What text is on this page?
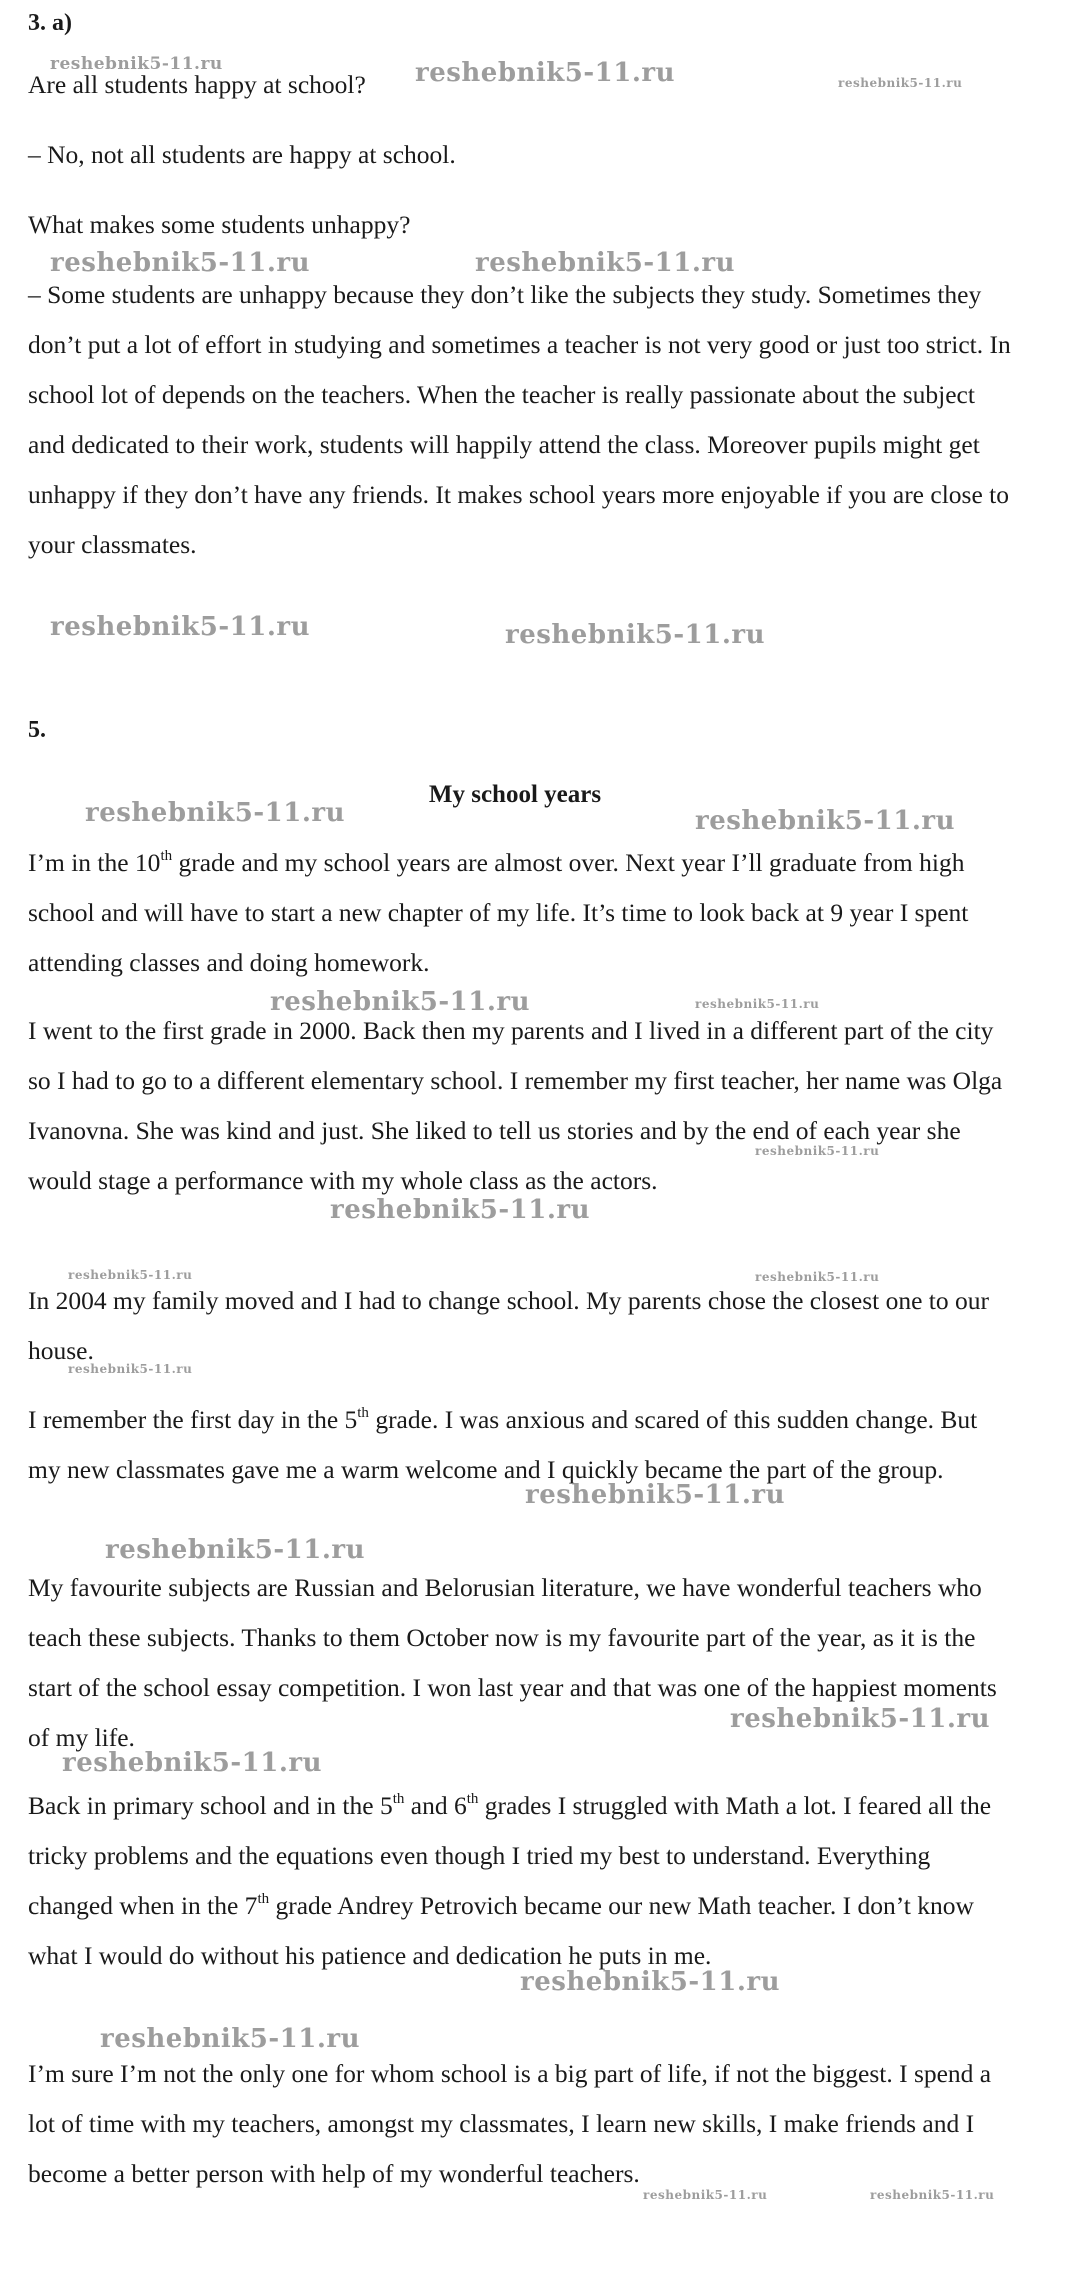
3. а)

Are all students happy at school?

– No, not all students are happy at school.

What makes some students unhappy?

– Some students are unhappy because they don’t like the subjects they study. Sometimes they don’t put a lot of effort in studying and sometimes a teacher is not very good or just too strict. In school lot of depends on the teachers. When the teacher is really passionate about the subject and dedicated to their work, students will happily attend the class. Moreover pupils might get unhappy if they don’t have any friends. It makes school years more enjoyable if you are close to your classmates.

5.
My school years

I’m in the 10th grade and my school years are almost over. Next year I’ll graduate from high school and will have to start a new chapter of my life. It’s time to look back at 9 year I spent attending classes and doing homework.

I went to the first grade in 2000. Back then my parents and I lived in a different part of the city so I had to go to a different elementary school. I remember my first teacher, her name was Olga Ivanovna. She was kind and just. She liked to tell us stories and by the end of each year she would stage a performance with my whole class as the actors.

In 2004 my family moved and I had to change school. My parents chose the closest one to our house.

I remember the first day in the 5th grade. I was anxious and scared of this sudden change. But my new classmates gave me a warm welcome and I quickly became the part of the group.

My favourite subjects are Russian and Belorusian literature, we have wonderful teachers who teach these subjects. Thanks to them October now is my favourite part of the year, as it is the start of the school essay competition. I won last year and that was one of the happiest moments of my life.

Back in primary school and in the 5th and 6th grades I struggled with Math a lot. I feared all the tricky problems and the equations even though I tried my best to understand. Everything changed when in the 7th grade Andrey Petrovich became our new Math teacher. I don’t know what I would do without his patience and dedication he puts in me.

I’m sure I’m not the only one for whom school is a big part of life, if not the biggest. I spend a lot of time with my teachers, amongst my classmates, I learn new skills, I make friends and I become a better person with help of my wonderful teachers.

reshebnik5-11.ru	reshebnik5-11.ru	reshebnik5-11.ru
reshebnik5-11.ru	reshebnik5-11.ru
reshebnik5-11.ru	reshebnik5-11.ru
reshebnik5-11.ru	reshebnik5-11.ru
reshebnik5-11.ru	reshebnik5-11.ru
reshebnik5-11.ru
reshebnik5-11.ru
reshebnik5-11.ru	reshebnik5-11.ru
reshebnik5-11.ru
reshebnik5-11.ru
reshebnik5-11.ru
reshebnik5-11.ru
reshebnik5-11.ru
reshebnik5-11.ru
reshebnik5-11.ru
reshebnik5-11.ru	reshebnik5-11.ru
